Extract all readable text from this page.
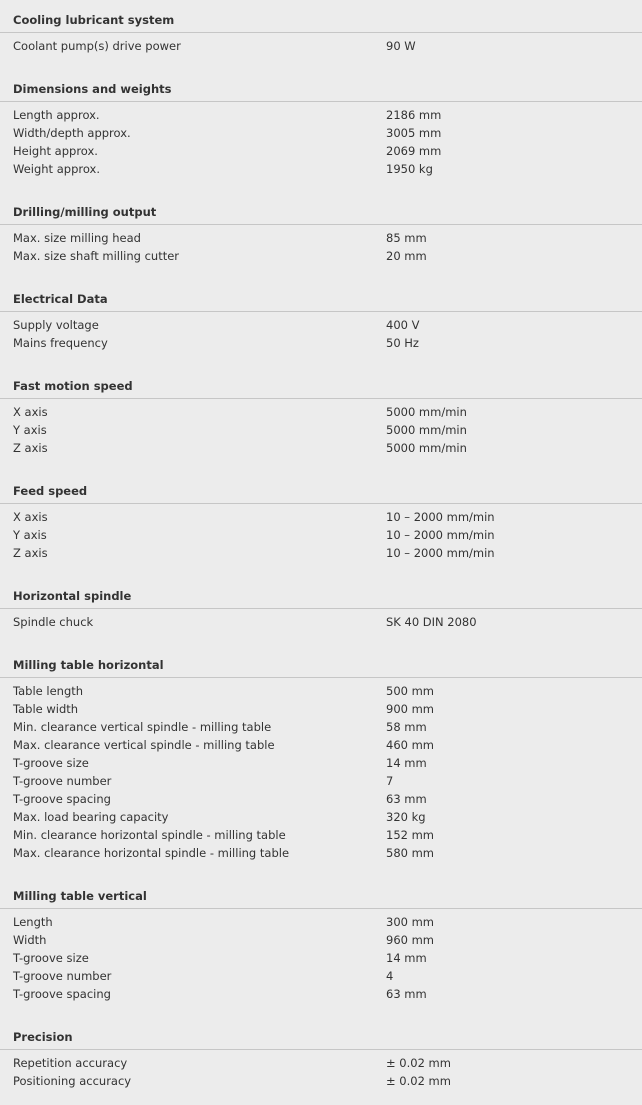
Cooling lubricant system
Coolant pump(s) drive power	90 W
Dimensions and weights
Length approx.	2186 mm
Width/depth approx.	3005 mm
Height approx.	2069 mm
Weight approx.	1950 kg
Drilling/milling output
Max. size milling head	85 mm
Max. size shaft milling cutter	20 mm
Electrical Data
Supply voltage	400 V
Mains frequency	50 Hz
Fast motion speed
X axis	5000 mm/min
Y axis	5000 mm/min
Z axis	5000 mm/min
Feed speed
X axis	10 – 2000 mm/min
Y axis	10 – 2000 mm/min
Z axis	10 – 2000 mm/min
Horizontal spindle
Spindle chuck	SK 40 DIN 2080
Milling table horizontal
Table length	500 mm
Table width	900 mm
Min. clearance vertical spindle - milling table	58 mm
Max. clearance vertical spindle - milling table	460 mm
T-groove size	14 mm
T-groove number	7
T-groove spacing	63 mm
Max. load bearing capacity	320 kg
Min. clearance horizontal spindle - milling table	152 mm
Max. clearance horizontal spindle - milling table	580 mm
Milling table vertical
Length	300 mm
Width	960 mm
T-groove size	14 mm
T-groove number	4
T-groove spacing	63 mm
Precision
Repetition accuracy	± 0.02 mm
Positioning accuracy	± 0.02 mm
